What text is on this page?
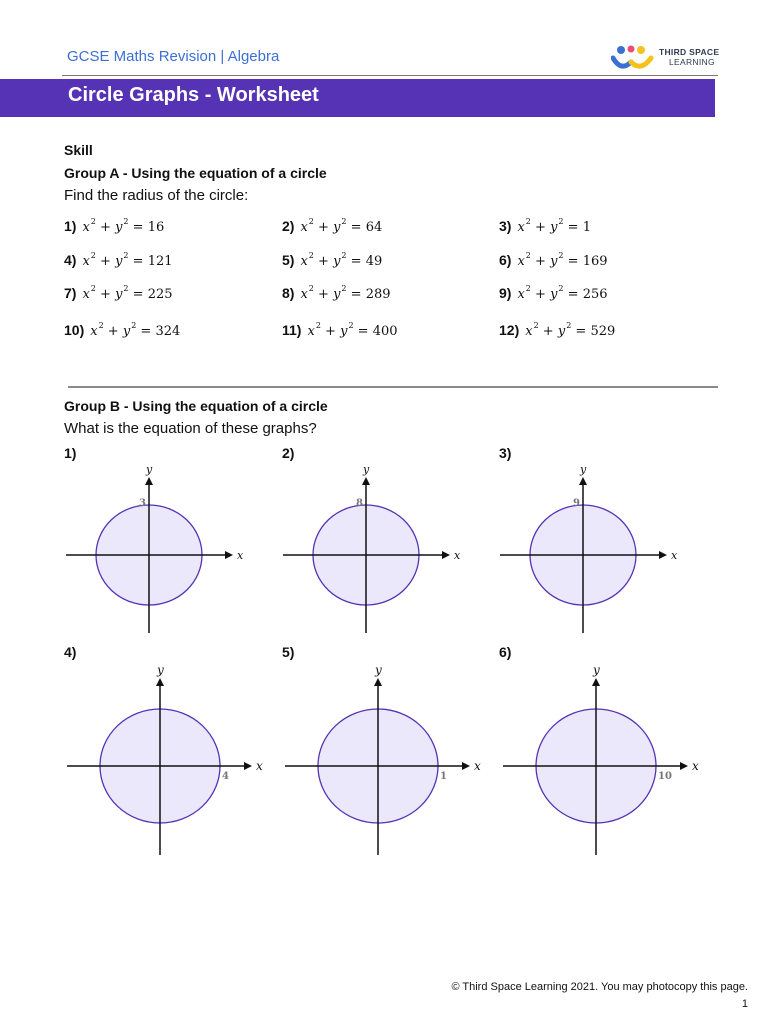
GCSE Maths Revision | Algebra	THIRD SPACE
LEARNING
Circle Graphs - Worksheet
Skill
Group A - Using the equation of a circle
Find the radius of the circle:
1) $x^2 + y^2 = 16$	2) $x^2 + y^2 = 64$	3) $x^2 + y^2 = 1$
4) $x^2 + y^2 = 121$	5) $x^2 + y^2 = 49$	6) $x^2 + y^2 = 169$
7) $x^2 + y^2 = 225$	8) $x^2 + y^2 = 289$	9) $x^2 + y^2 = 256$
10) $x^2 + y^2 = 324$	11) $x^2 + y^2 = 400$	12) $x^2 + y^2 = 529$
Group B - Using the equation of a circle
What is the equation of these graphs?
1)
x
y
3
2)
x
y
8
3)
x
y
9
4)
x
y
4
5)
x
y
1
6)
x
y
10
© Third Space Learning 2021. You may photocopy this page.
1
